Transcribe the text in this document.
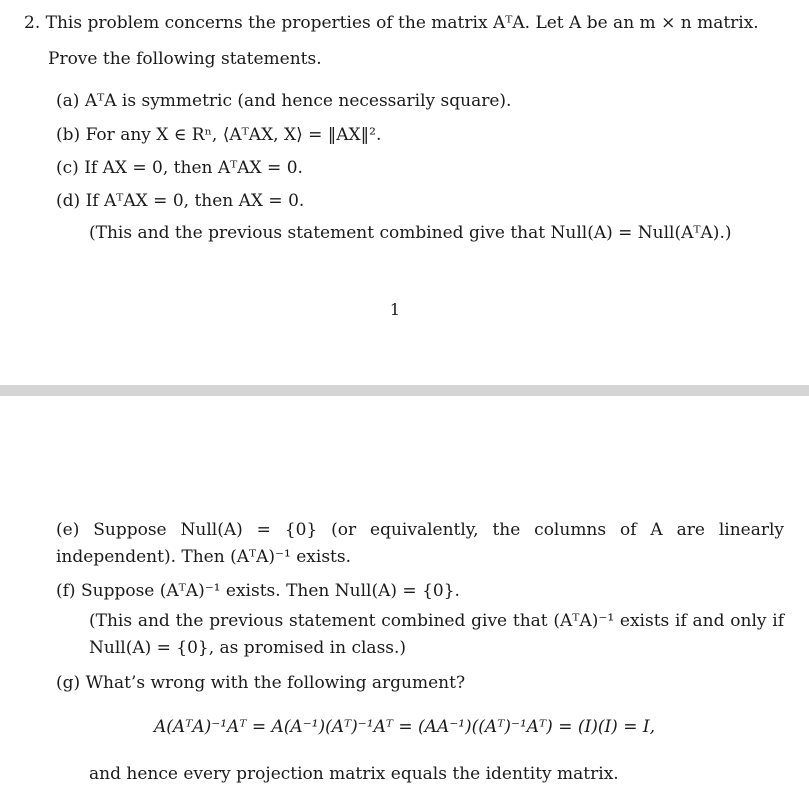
2. This problem concerns the properties of the matrix AᵀA. Let A be an m × n matrix.
Prove the following statements.
(a) AᵀA is symmetric (and hence necessarily square).
(b) For any X ∈ Rⁿ, ⟨AᵀAX, X⟩ = ‖AX‖².
(c) If AX = 0, then AᵀAX = 0.
(d) If AᵀAX = 0, then AX = 0.
(This and the previous statement combined give that Null(A) = Null(AᵀA).)
1
(e) Suppose Null(A) = {0} (or equivalently, the columns of A are linearly independent). Then (AᵀA)⁻¹ exists.
(f) Suppose (AᵀA)⁻¹ exists. Then Null(A) = {0}.
(This and the previous statement combined give that (AᵀA)⁻¹ exists if and only if Null(A) = {0}, as promised in class.)
(g) What’s wrong with the following argument?
A(AᵀA)⁻¹Aᵀ = A(A⁻¹)(Aᵀ)⁻¹Aᵀ = (AA⁻¹)((Aᵀ)⁻¹Aᵀ) = (I)(I) = I,
and hence every projection matrix equals the identity matrix.
